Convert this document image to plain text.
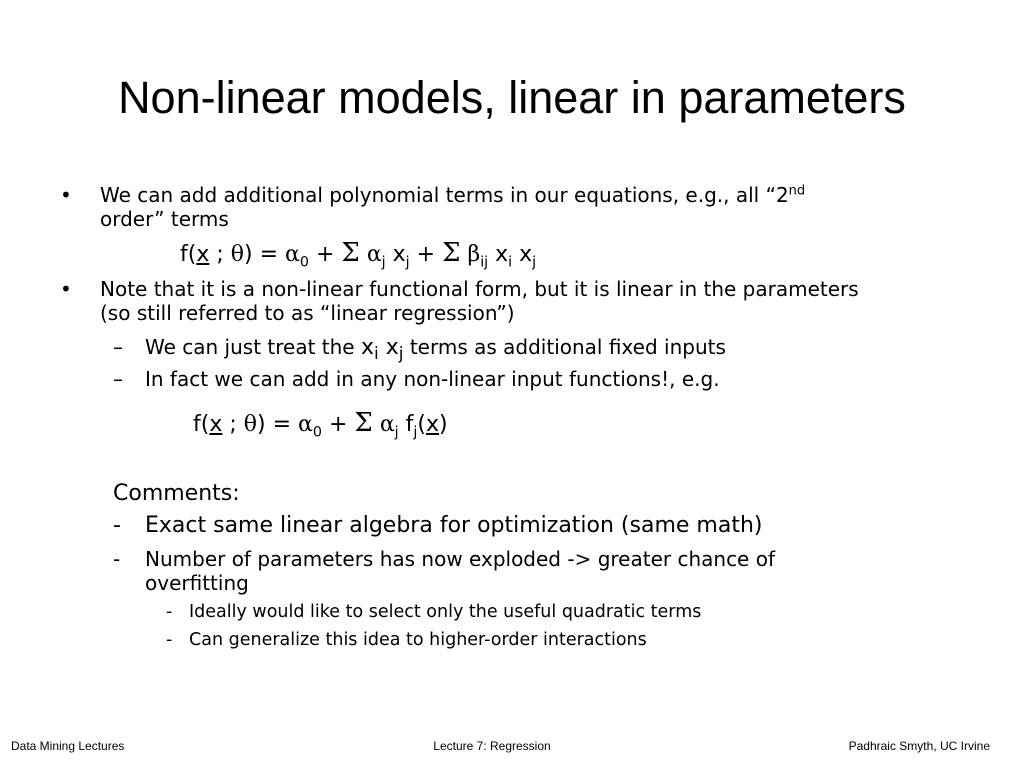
Non-linear models, linear in parameters
• We can add additional polynomial terms in our equations, e.g., all “2nd
order” terms
f(x ; $\theta) = \alpha_0 + \Sigma$ $\alpha_j$ $x_j + \Sigma$ $\beta_{ij}$ $x_i$ $x_j$
• Note that it is a non-linear functional form, but it is linear in the parameters
(so still referred to as “linear regression”)
– We can just treat the $x_i$ $x_j$ terms as additional fixed inputs
– In fact we can add in any non-linear input functions!, e.g.
f(x ; $\theta) = \alpha_0 + \Sigma$ $\alpha_j$ $f_j(x)$
Comments:
- Exact same linear algebra for optimization (same math)
- Number of parameters has now exploded -> greater chance of
overfitting
- Ideally would like to select only the useful quadratic terms
- Can generalize this idea to higher-order interactions
Data Mining Lectures	Lecture 7: Regression	Padhraic Smyth, UC Irvine
